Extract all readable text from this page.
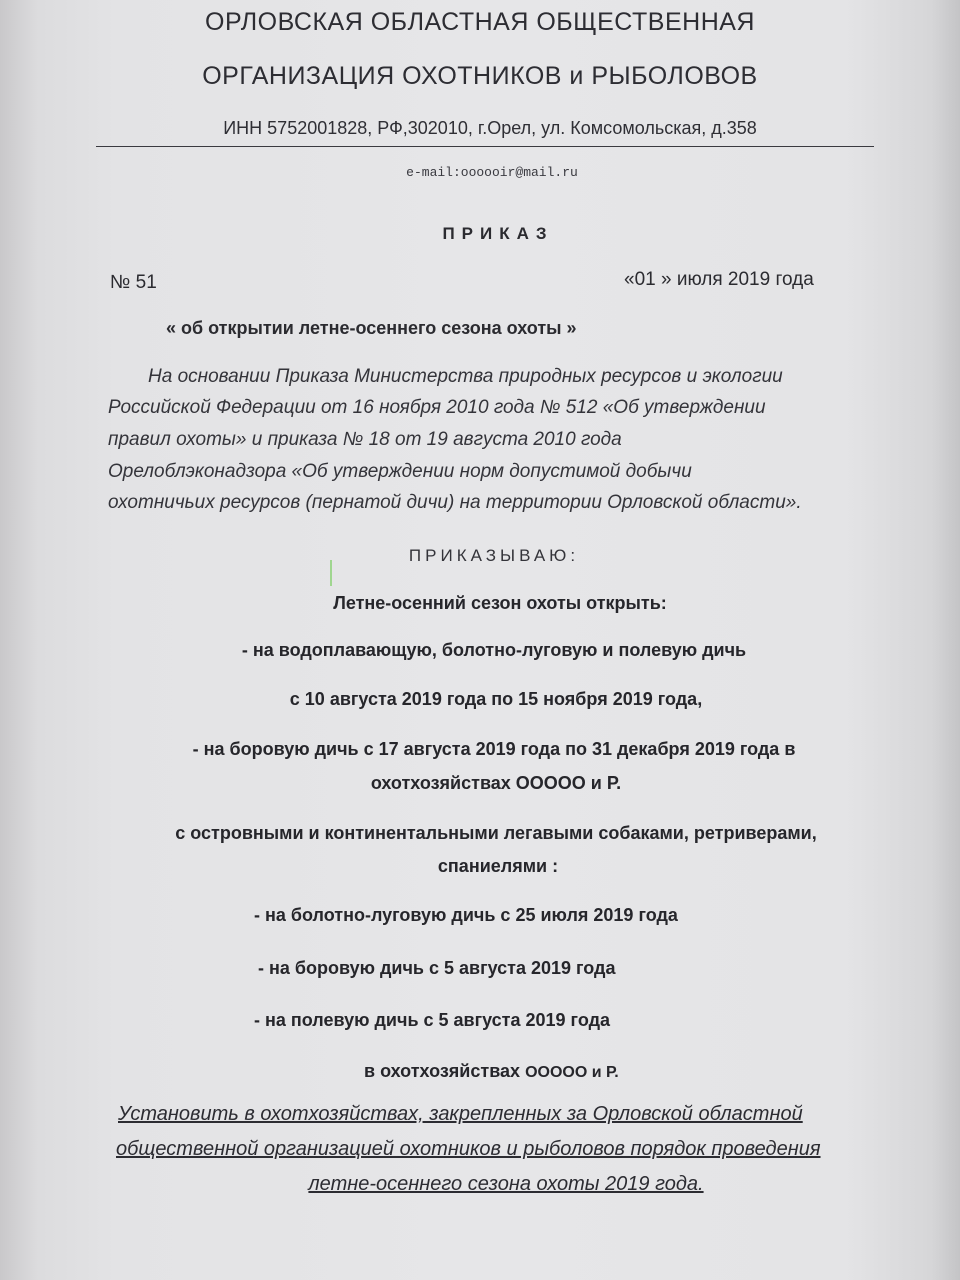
ОРЛОВСКАЯ ОБЛАСТНАЯ ОБЩЕСТВЕННАЯ
ОРГАНИЗАЦИЯ ОХОТНИКОВ и РЫБОЛОВОВ
ИНН 5752001828, РФ,302010, г.Орел, ул. Комсомольская, д.358
e-mail:oooooir@mail.ru
ПРИКАЗ
№ 51	«01 » июля 2019 года
« об открытии летне-осеннего сезона охоты »
На основании Приказа Министерства природных ресурсов и экологии
Российской Федерации от 16 ноября 2010 года № 512 «Об утверждении
правил охоты» и приказа № 18 от 19 августа 2010 года
Орелоблэконадзора «Об утверждении норм допустимой добычи
охотничьих ресурсов (пернатой дичи) на территории Орловской области».
ПРИКАЗЫВАЮ:
Летне-осенний сезон охоты открыть:
- на водоплавающую, болотно-луговую и полевую дичь
с 10 августа 2019 года по 15 ноября 2019 года,
- на боровую дичь с 17 августа 2019 года по 31 декабря 2019 года в
охотхозяйствах ООООО и Р.
с островными и континентальными легавыми собаками, ретриверами,
спаниелями :
- на болотно-луговую дичь с 25 июля 2019 года
- на боровую дичь с 5 августа 2019 года
- на полевую дичь с 5 августа 2019 года
в охотхозяйствах ООООО и Р.
Установить в охотхозяйствах, закрепленных за Орловской областной
общественной организацией охотников и рыболовов порядок проведения
летне-осеннего сезона охоты 2019 года.
